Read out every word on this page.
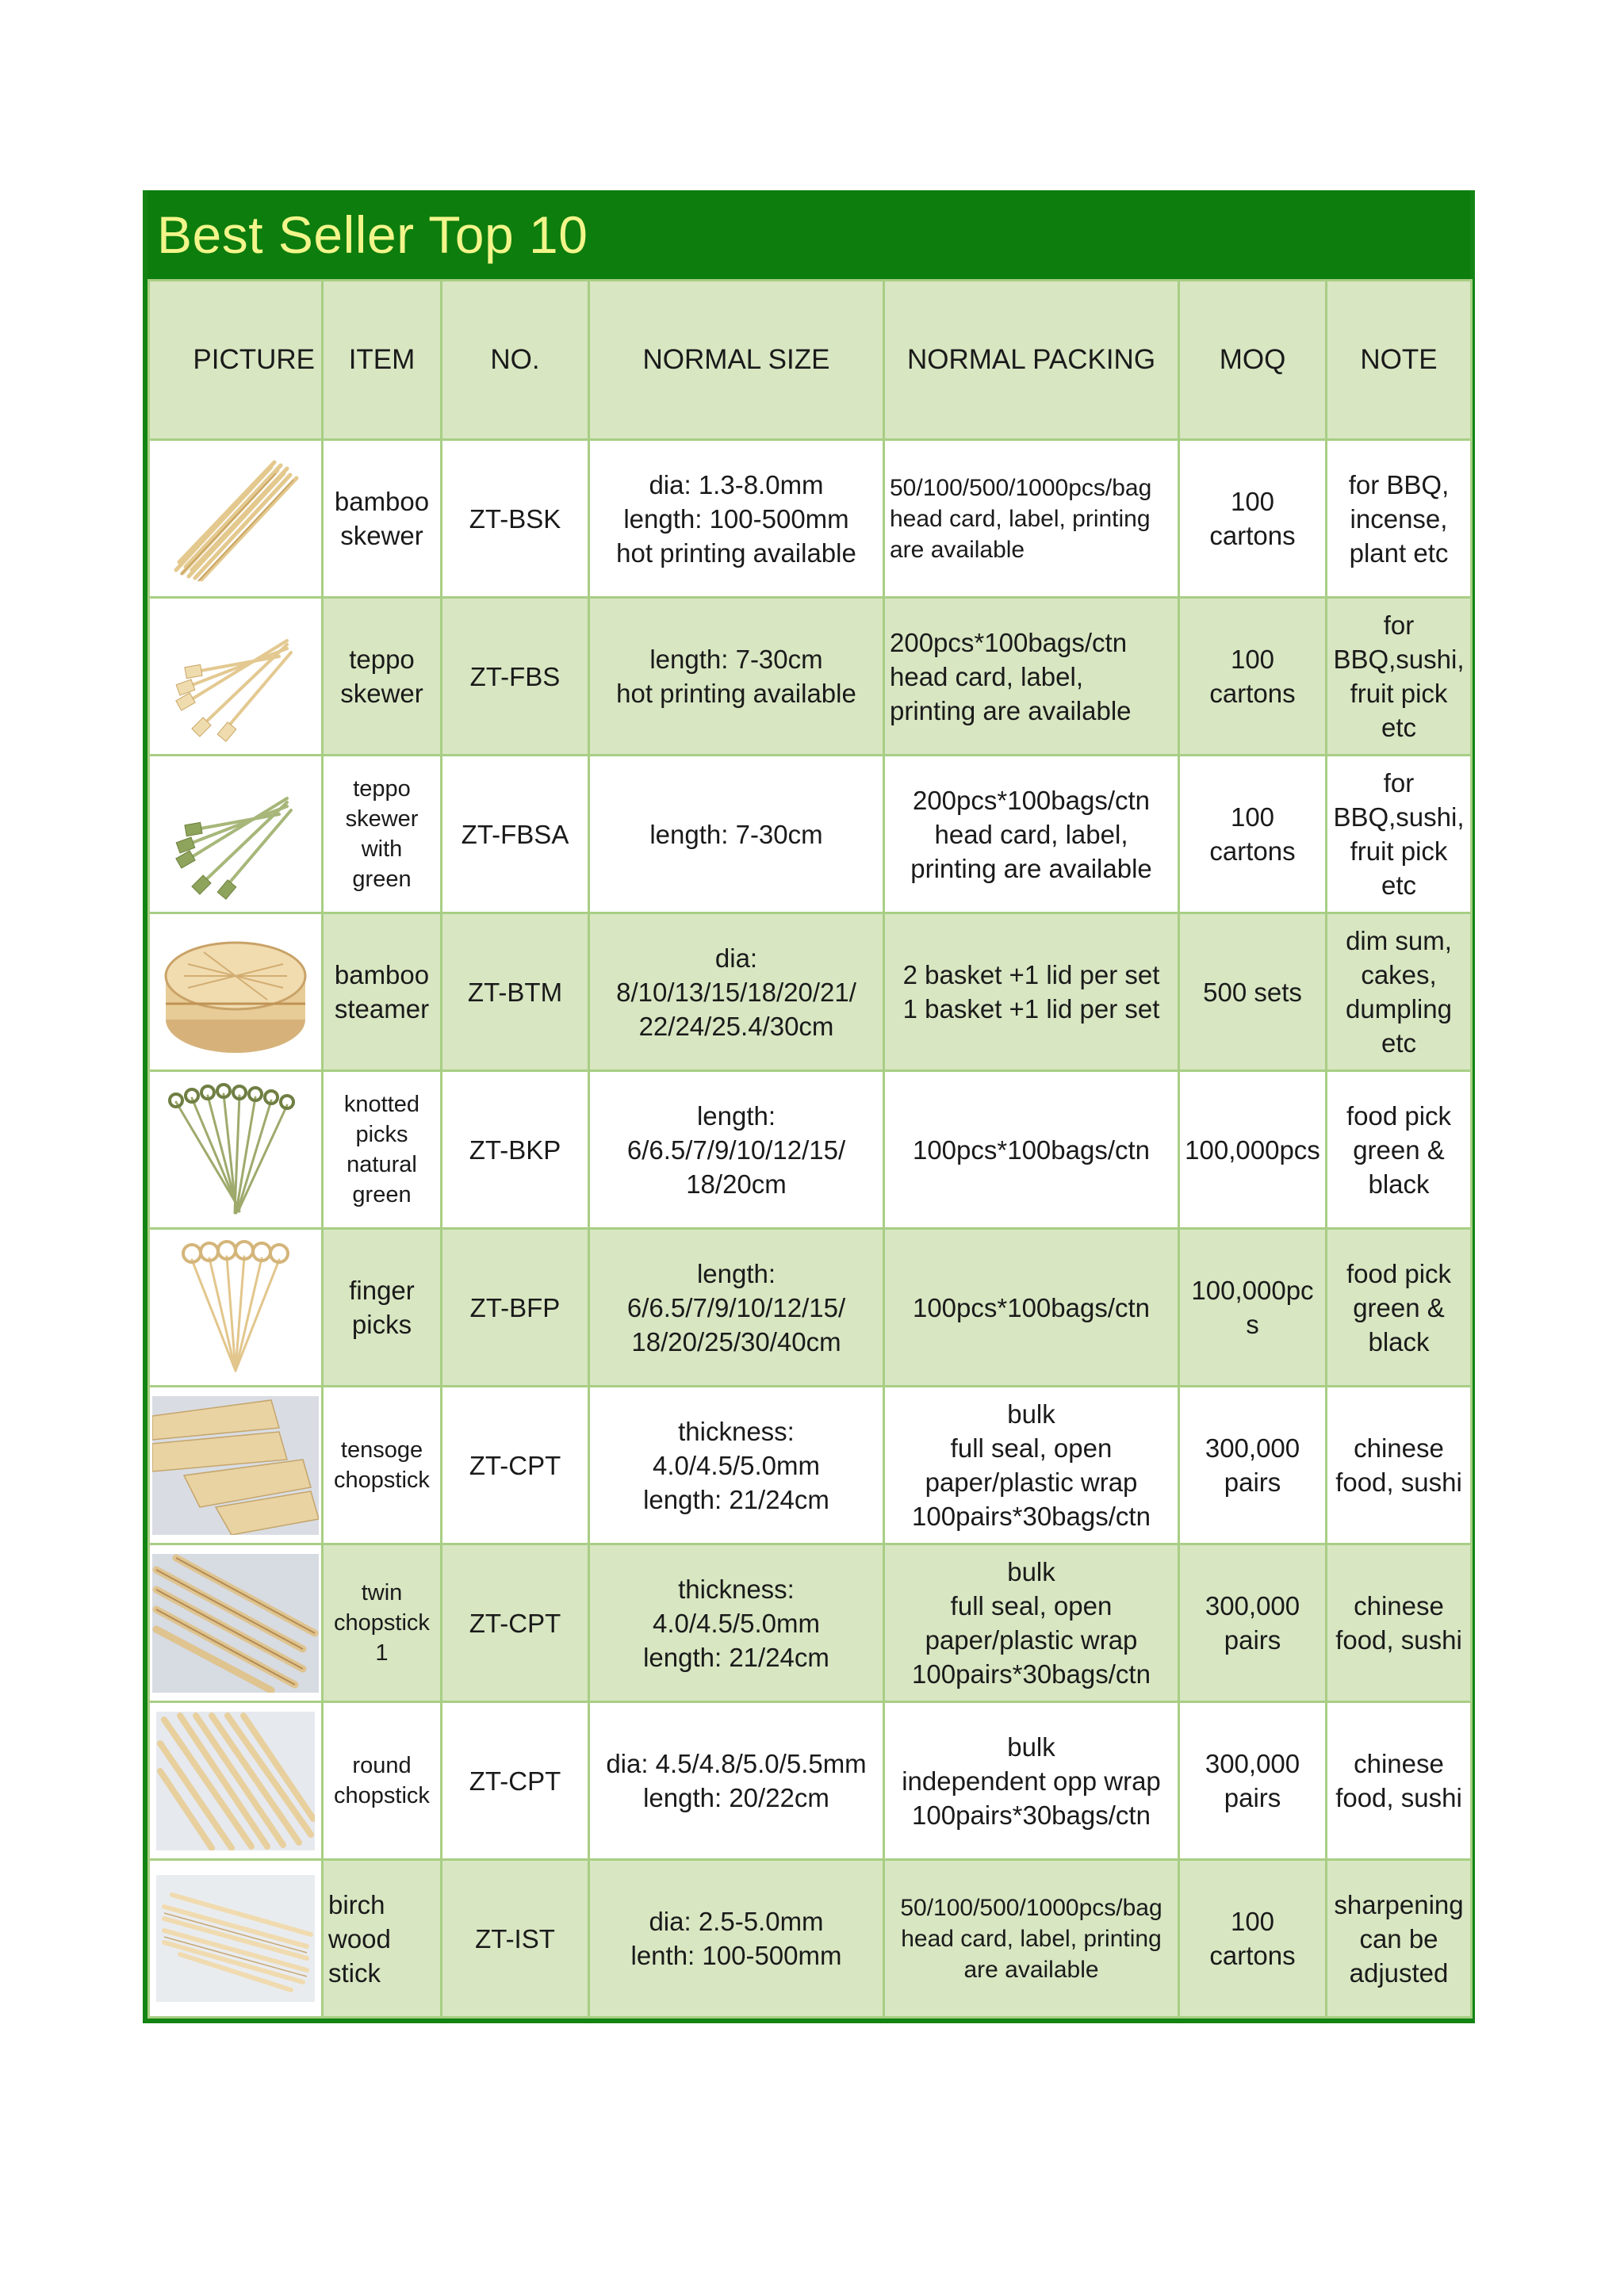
Best Seller Top 10
PICTURE	ITEM	NO.	NORMAL SIZE	NORMAL PACKING	MOQ	NOTE

	bamboo
skewer	ZT-BSK	dia: 1.3-8.0mm
length: 100-500mm
hot printing available	50/100/500/1000pcs/bag
head card, label, printing
are available	100
cartons	for BBQ,
incense,
plant etc

	teppo
skewer	ZT-FBS	length: 7-30cm
hot printing available	200pcs*100bags/ctn
head card, label,
printing are available	100
cartons	for
BBQ,sushi,
fruit pick
etc

	teppo
skewer
with
green	ZT-FBSA	length: 7-30cm	200pcs*100bags/ctn
head card, label,
printing are available	100
cartons	for
BBQ,sushi,
fruit pick
etc

	bamboo
steamer	ZT-BTM	dia:
8/10/13/15/18/20/21/
22/24/25.4/30cm	2 basket +1 lid per set
1 basket +1 lid per set	500 sets	dim sum,
cakes,
dumpling
etc

	knotted
picks
natural
green	ZT-BKP	length:
6/6.5/7/9/10/12/15/
18/20cm	100pcs*100bags/ctn	100,000pcs	food pick
green &
black

	finger
picks	ZT-BFP	length:
6/6.5/7/9/10/12/15/
18/20/25/30/40cm	100pcs*100bags/ctn	100,000pc
s	food pick
green &
black

	tensoge
chopstick	ZT-CPT	thickness:
4.0/4.5/5.0mm
length: 21/24cm	bulk
full seal, open
paper/plastic wrap
100pairs*30bags/ctn	300,000
pairs	chinese
food, sushi

	twin
chopstick
1	ZT-CPT	thickness:
4.0/4.5/5.0mm
length: 21/24cm	bulk
full seal, open
paper/plastic wrap
100pairs*30bags/ctn	300,000
pairs	chinese
food, sushi

	round
chopstick	ZT-CPT	dia: 4.5/4.8/5.0/5.5mm
length: 20/22cm	bulk
independent opp wrap
100pairs*30bags/ctn	300,000
pairs	chinese
food, sushi

	birch
wood
stick	ZT-IST	dia: 2.5-5.0mm
lenth: 100-500mm	50/100/500/1000pcs/bag
head card, label, printing
are available	100
cartons	sharpening
can be
adjusted
